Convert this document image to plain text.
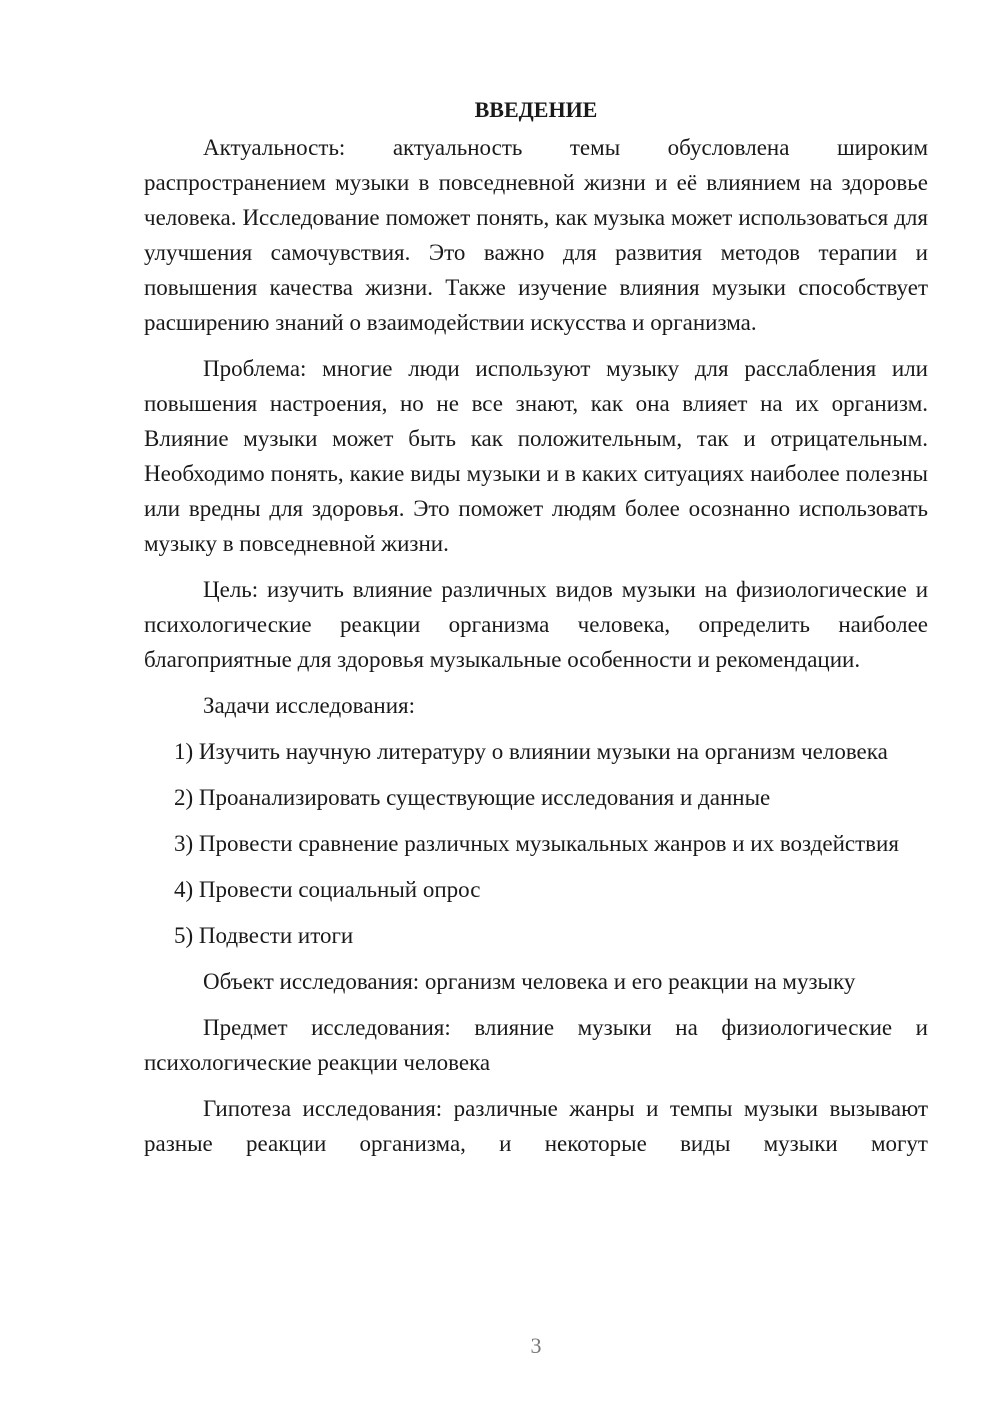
ВВЕДЕНИЕ

Актуальность: актуальность темы обусловлена широким распространением музыки в повседневной жизни и её влиянием на здоровье человека. Исследование поможет понять, как музыка может использоваться для улучшения самочувствия. Это важно для развития методов терапии и повышения качества жизни. Также изучение влияния музыки способствует расширению знаний о взаимодействии искусства и организма.

Проблема: многие люди используют музыку для расслабления или повышения настроения, но не все знают, как она влияет на их организм. Влияние музыки может быть как положительным, так и отрицательным. Необходимо понять, какие виды музыки и в каких ситуациях наиболее полезны или вредны для здоровья. Это поможет людям более осознанно использовать музыку в повседневной жизни.

Цель: изучить влияние различных видов музыки на физиологические и психологические реакции организма человека, определить наиболее благоприятные для здоровья музыкальные особенности и рекомендации.

Задачи исследования:

1) Изучить научную литературу о влиянии музыки на организм человека

2) Проанализировать существующие исследования и данные

3) Провести сравнение различных музыкальных жанров и их воздействия

4) Провести социальный опрос

5) Подвести итоги

Объект исследования: организм человека и его реакции на музыку

Предмет исследования: влияние музыки на физиологические и психологические реакции человека

Гипотеза исследования: различные жанры и темпы музыки вызывают разные реакции организма, и некоторые виды музыки могут

3
